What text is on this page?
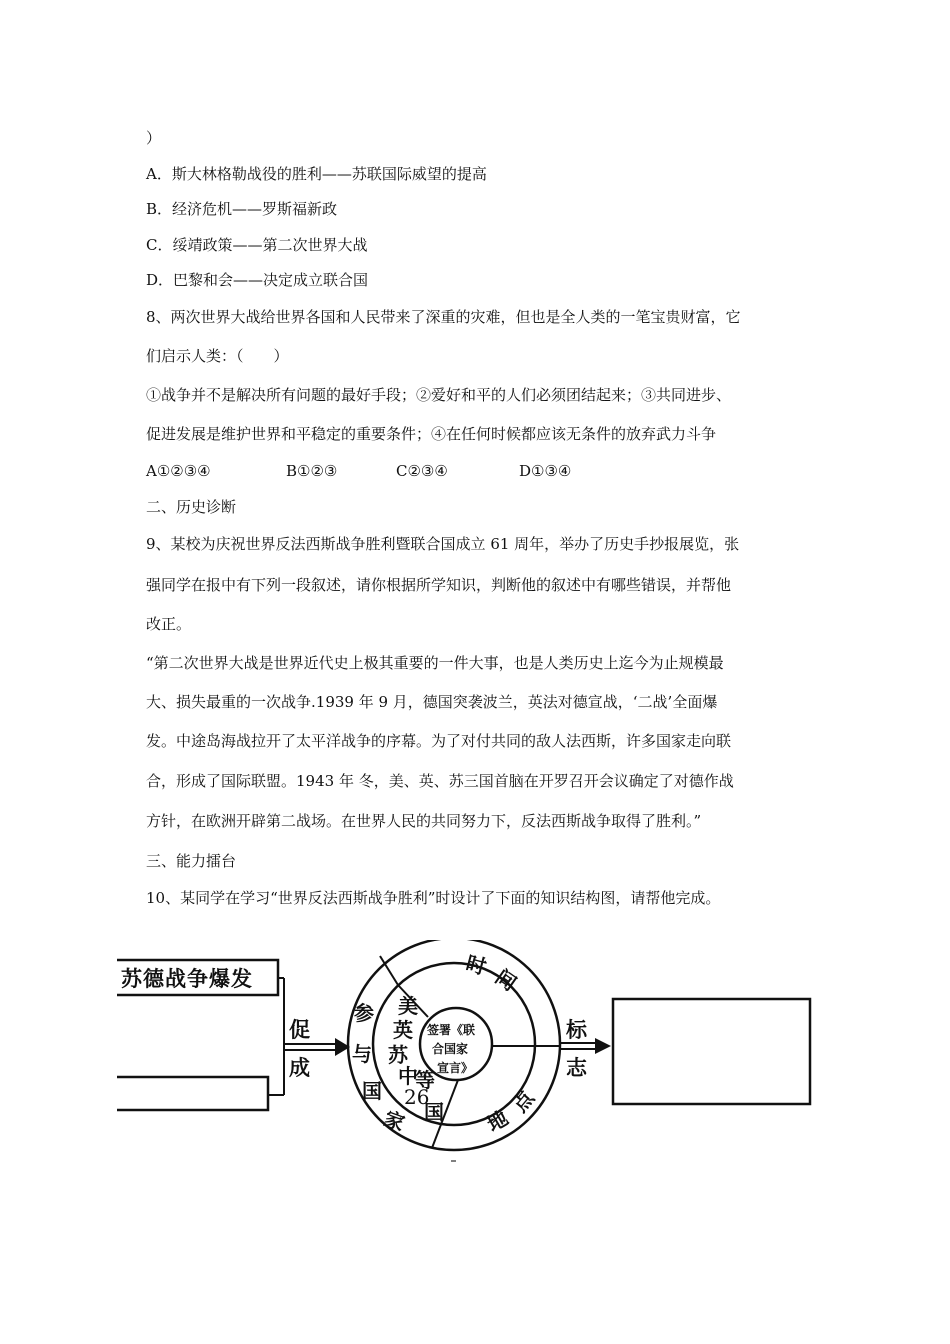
）
A．斯大林格勒战役的胜利——苏联国际威望的提高
B．经济危机——罗斯福新政
C．绥靖政策——第二次世界大战
D．巴黎和会——决定成立联合国
8、两次世界大战给世界各国和人民带来了深重的灾难，但也是全人类的一笔宝贵财富，它
们启示人类：（　　）
①战争并不是解决所有问题的最好手段；②爱好和平的人们必须团结起来；③共同进步、
促进发展是维护世界和平稳定的重要条件；④在任何时候都应该无条件的放弃武力斗争
A①②③④	B①②③	C②③④	D①③④
二、历史诊断
9、某校为庆祝世界反法西斯战争胜利暨联合国成立 61 周年，举办了历史手抄报展览，张
强同学在报中有下列一段叙述，请你根据所学知识，判断他的叙述中有哪些错误，并帮他
改正。
“第二次世界大战是世界近代史上极其重要的一件大事，也是人类历史上迄今为止规模最
大、损失最重的一次战争.1939 年 9 月，德国突袭波兰，英法对德宣战，‘二战’全面爆
发。中途岛海战拉开了太平洋战争的序幕。为了对付共同的敌人法西斯，许多国家走向联
合，形成了国际联盟。1943 年 冬，美、英、苏三国首脑在开罗召开会议确定了对德作战
方针，在欧洲开辟第二战场。在世界人民的共同努力下，反法西斯战争取得了胜利。”
三、能力擂台
10、某同学在学习“世界反法西斯战争胜利”时设计了下面的知识结构图，请帮他完成。
苏德战争爆发
促
成
时 间
地
点
参
与
国
家
美
英
苏
中
等
26
国
签署《联
合国家
宣言》
标
志
